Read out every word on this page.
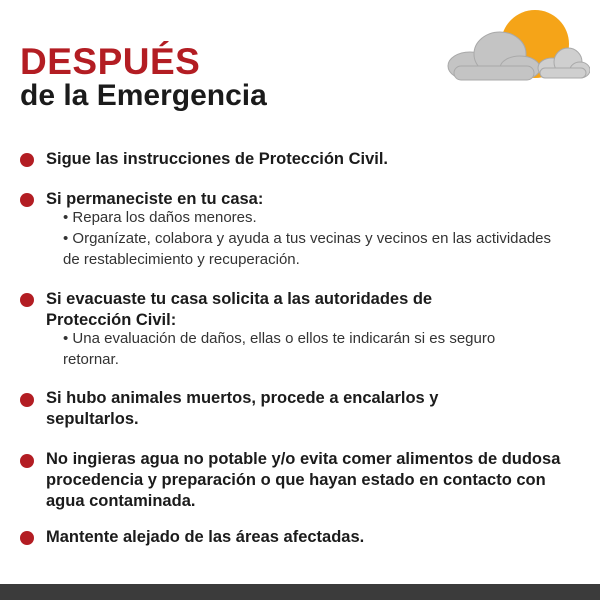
DESPUÉS
de la Emergencia

Sigue las instrucciones de Protección Civil.

Si permaneciste en tu casa:

• Repara los daños menores.

• Organízate, colabora y ayuda a tus vecinas y vecinos en las actividades de restablecimiento y recuperación.

Si evacuaste tu casa solicita a las autoridades de Protección Civil:

• Una evaluación de daños, ellas o ellos te indicarán si es seguro retornar.

Si hubo animales muertos, procede a encalarlos y sepultarlos.

No ingieras agua no potable y/o evita comer alimentos de dudosa procedencia y preparación o que hayan estado en contacto con agua contaminada.

Mantente alejado de las áreas afectadas.
